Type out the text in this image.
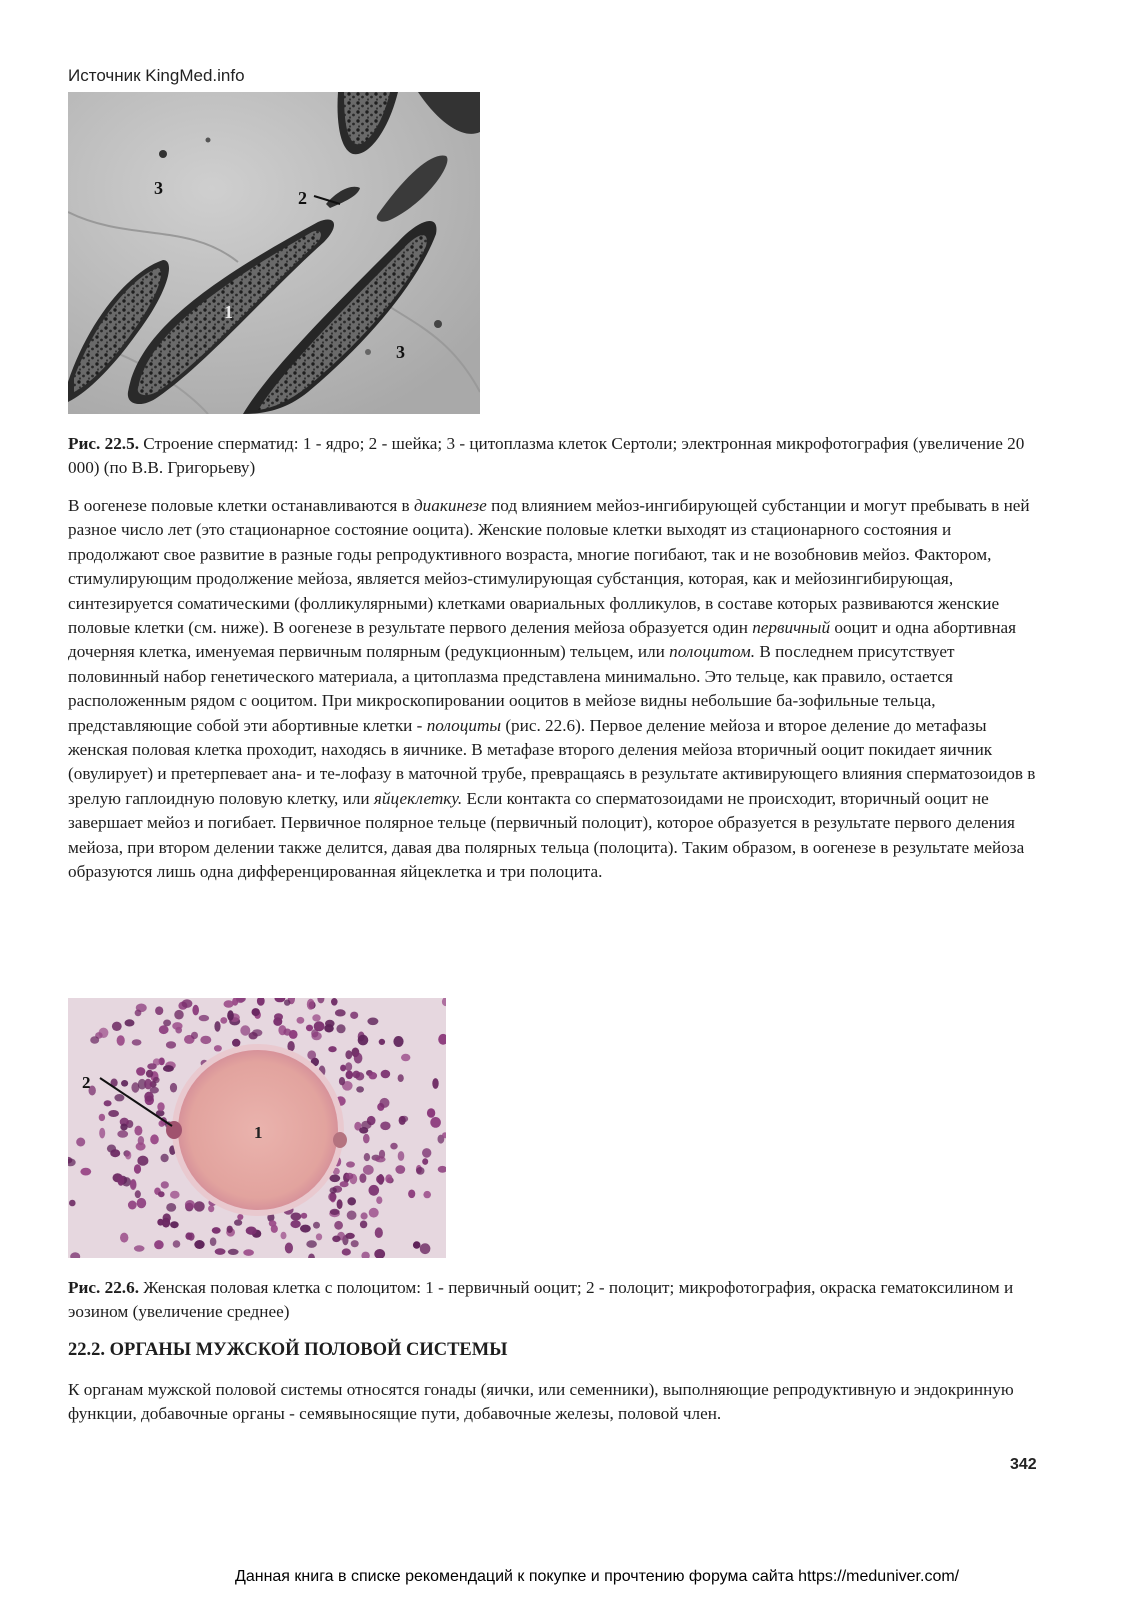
Источник KingMed.info
3	2
1
3

Рис. 22.5. Строение сперматид: 1 - ядро; 2 - шейка; 3 - цитоплазма клеток Сертоли; электронная микрофотография (увеличение 20 000) (по В.В. Григорьеву)

В оогенезе половые клетки останавливаются в диакинезе под влиянием мейоз-ингибирующей субстанции и могут пребывать в ней разное число лет (это стационарное состояние ооцита). Женские половые клетки выходят из стационарного состояния и продолжают свое развитие в разные годы репродуктивного возраста, многие погибают, так и не возобновив мейоз. Фактором, стимулирующим продолжение мейоза, является мейоз-стимулирующая субстанция, которая, как и мейозингибирующая, синтезируется соматическими (фолликулярными) клетками овариальных фолликулов, в составе которых развиваются женские половые клетки (см. ниже). В оогенезе в результате первого деления мейоза образуется один первичный ооцит и одна абортивная дочерняя клетка, именуемая первичным полярным (редукционным) тельцем, или полоцитом. В последнем присутствует половинный набор генетического материала, а цитоплазма представлена минимально. Это тельце, как правило, остается расположенным рядом с ооцитом. При микроскопировании ооцитов в мейозе видны небольшие ба-зофильные тельца, представляющие собой эти абортивные клетки - полоциты (рис. 22.6). Первое деление мейоза и второе деление до метафазы женская половая клетка проходит, находясь в яичнике. В метафазе второго деления мейоза вторичный ооцит покидает яичник (овулирует) и претерпевает ана- и те-лофазу в маточной трубе, превращаясь в результате активирующего влияния сперматозоидов в зрелую гаплоидную половую клетку, или яйцеклетку. Если контакта со сперматозоидами не происходит, вторичный ооцит не завершает мейоз и погибает. Первичное полярное тельце (первичный полоцит), которое образуется в результате первого деления мейоза, при втором делении также делится, давая два полярных тельца (полоцита). Таким образом, в оогенезе в результате мейоза образуются лишь одна дифференцированная яйцеклетка и три полоцита.

2
1

Рис. 22.6. Женская половая клетка с полоцитом: 1 - первичный ооцит; 2 - полоцит; микрофотография, окраска гематоксилином и эозином (увеличение среднее)

22.2. ОРГАНЫ МУЖСКОЙ ПОЛОВОЙ СИСТЕМЫ

К органам мужской половой системы относятся гонады (яички, или семенники), выполняющие репродуктивную и эндокринную функции, добавочные органы - семявыносящие пути, добавочные железы, половой член.

342
Данная книга в списке рекомендаций к покупке и прочтению форума сайта https://meduniver.com/
